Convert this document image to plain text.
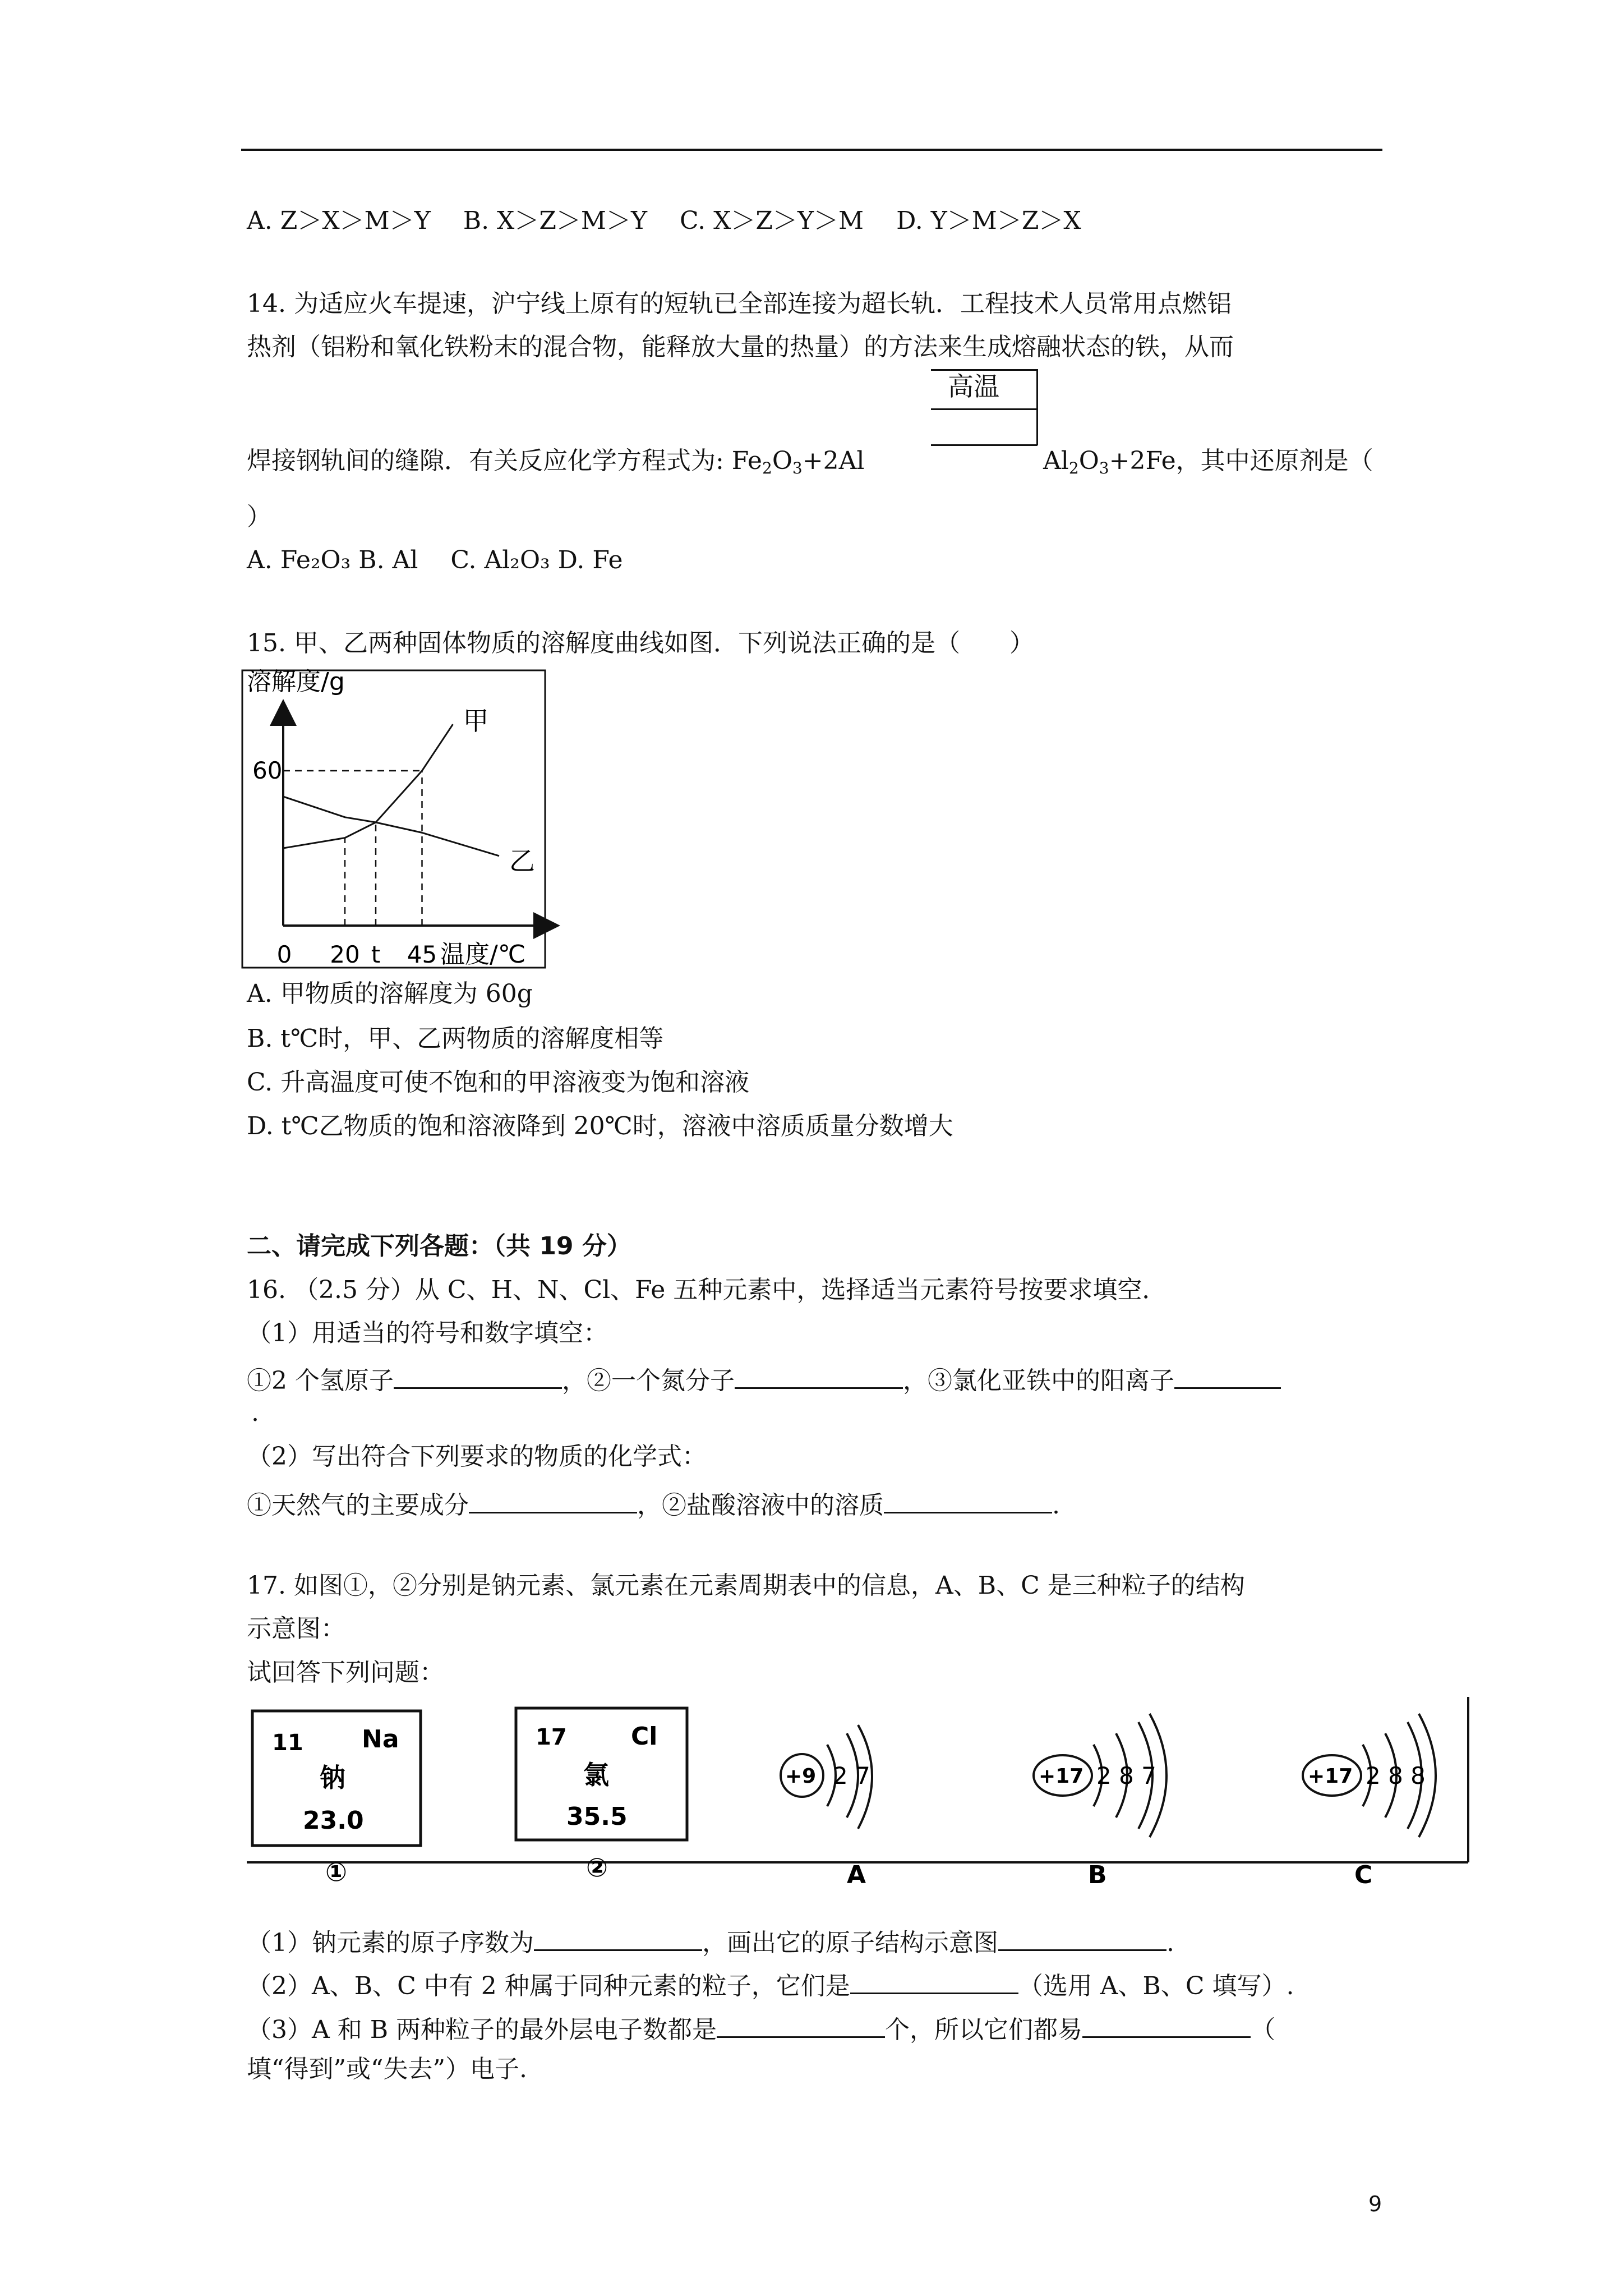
A. Z＞X＞M＞Y　 B. X＞Z＞M＞Y　 C. X＞Z＞Y＞M　 D. Y＞M＞Z＞X
14. 为适应火车提速，沪宁线上原有的短轨已全部连接为超长轨．工程技术人员常用点燃铝
热剂（铝粉和氧化铁粉末的混合物，能释放大量的热量）的方法来生成熔融状态的铁，从而
高温
焊接钢轨间的缝隙．有关反应化学方程式为: $Fe_2O_3+2Al$	$Al_2O_3+2Fe$，其中还原剂是（
）
A. Fe₂O₃ B. Al　 C. Al₂O₃ D. Fe
15. 甲、乙两种固体物质的溶解度曲线如图．下列说法正确的是（　　）
溶解度/g
温度/℃
甲
乙
0 20 t 45
60
A. 甲物质的溶解度为 60g
B. t℃时，甲、乙两物质的溶解度相等
C. 升高温度可使不饱和的甲溶液变为饱和溶液
D. t℃乙物质的饱和溶液降到 20℃时，溶液中溶质质量分数增大
二、请完成下列各题：（共 19 分）
16. （2.5 分）从 C、H、N、Cl、Fe 五种元素中，选择适当元素符号按要求填空．
（1）用适当的符号和数字填空：
①2 个氢原子	，②一个氮分子	，③氯化亚铁中的阳离子
.
（2）写出符合下列要求的物质的化学式：
①天然气的主要成分	，②盐酸溶液中的溶质	.
17. 如图①，②分别是钠元素、氯元素在元素周期表中的信息，A、B、C 是三种粒子的结构
示意图：
试回答下列问题：
11 Na
钠
23.0
①
17	Cl
氯
35.5
②
+9 2 7
A
+17 2 8 7
B
+17 2 8 8
C
（1）钠元素的原子序数为	，画出它的原子结构示意图	.
（2）A、B、C 中有 2 种属于同种元素的粒子，它们是	（选用 A、B、C 填写）.
（3）A 和 B 两种粒子的最外层电子数都是	个，所以它们都易	（
填“得到”或“失去”）电子.
9
